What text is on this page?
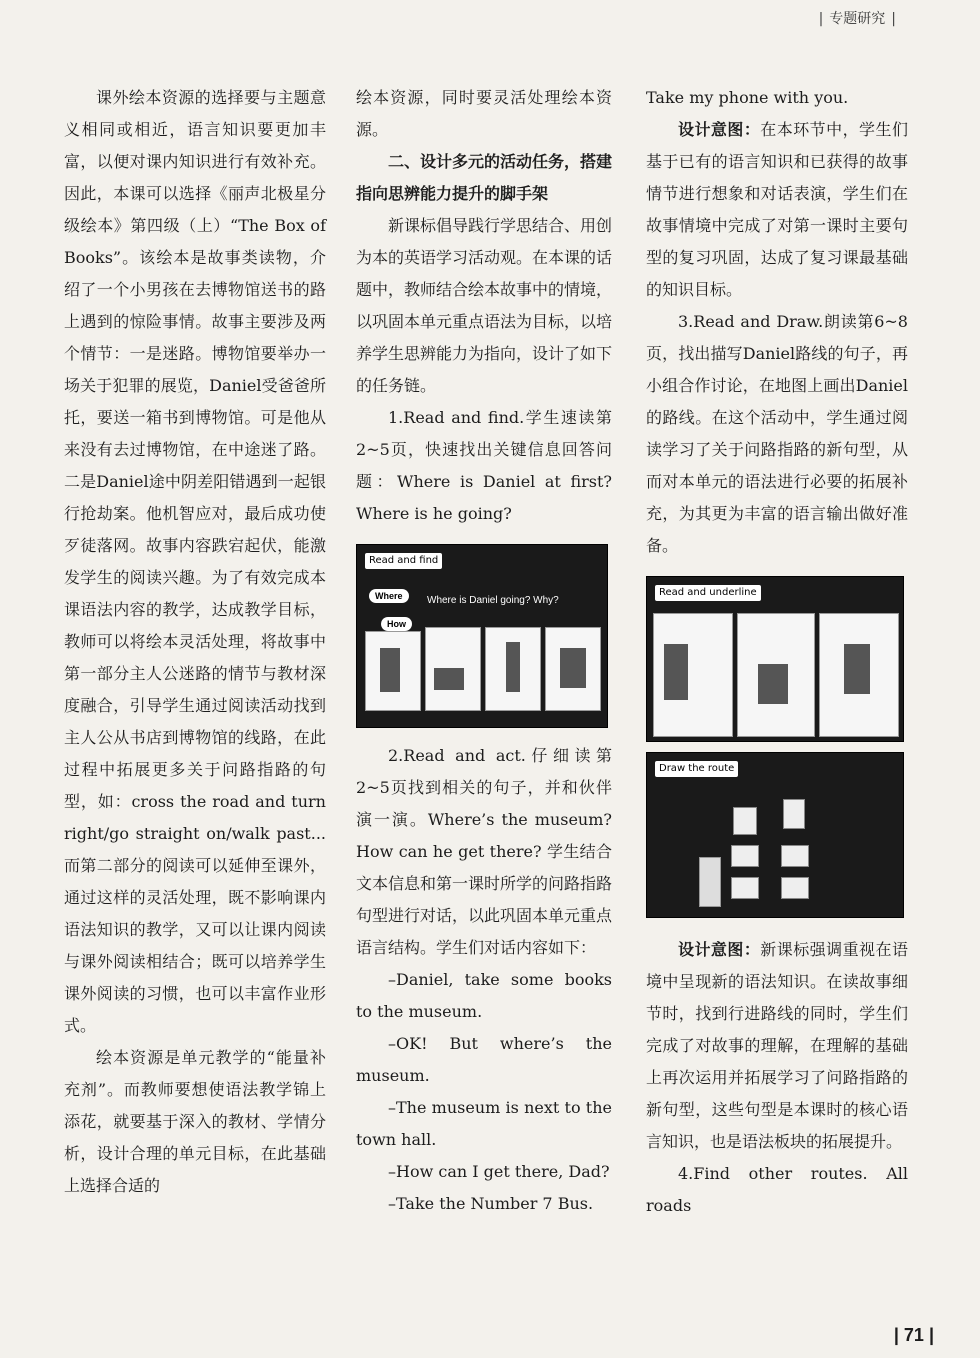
| 专题研究 |

课外绘本资源的选择要与主题意义相同或相近，语言知识要更加丰富，以便对课内知识进行有效补充。因此，本课可以选择《丽声北极星分级绘本》第四级（上）“The Box of Books”。该绘本是故事类读物，介绍了一个小男孩在去博物馆送书的路上遇到的惊险事情。故事主要涉及两个情节：一是迷路。博物馆要举办一场关于犯罪的展览，Daniel受爸爸所托，要送一箱书到博物馆。可是他从来没有去过博物馆，在中途迷了路。二是Daniel途中阴差阳错遇到一起银行抢劫案。他机智应对，最后成功使歹徒落网。故事内容跌宕起伏，能激发学生的阅读兴趣。为了有效完成本课语法内容的教学，达成教学目标，教师可以将绘本灵活处理，将故事中第一部分主人公迷路的情节与教材深度融合，引导学生通过阅读活动找到主人公从书店到博物馆的线路，在此过程中拓展更多关于问路指路的句型，如：cross the road and turn right/go straight on/walk past... 而第二部分的阅读可以延伸至课外，通过这样的灵活处理，既不影响课内语法知识的教学，又可以让课内阅读与课外阅读相结合；既可以培养学生课外阅读的习惯，也可以丰富作业形式。

绘本资源是单元教学的“能量补充剂”。而教师要想使语法教学锦上添花，就要基于深入的教材、学情分析，设计合理的单元目标，在此基础上选择合适的

绘本资源，同时要灵活处理绘本资源。

二、设计多元的活动任务，搭建指向思辨能力提升的脚手架

新课标倡导践行学思结合、用创为本的英语学习活动观。在本课的话题中，教师结合绘本故事中的情境，以巩固本单元重点语法为目标，以培养学生思辨能力为指向，设计了如下的任务链。

1.Read and find.学生速读第2~5页，快速找出关键信息回答问题：Where is Daniel at first? Where is he going?

Read and find
Where
How
Where is Daniel going? Why?

2.Read and act.仔细读第2~5页找到相关的句子，并和伙伴演一演。Where’s the museum? How can he get there? 学生结合文本信息和第一课时所学的问路指路句型进行对话，以此巩固本单元重点语言结构。学生们对话内容如下：

–Daniel, take some books to the museum.

–OK! But where’s the museum.

–The museum is next to the town hall.

–How can I get there, Dad?

–Take the Number 7 Bus.

Take my phone with you.

设计意图：在本环节中，学生们基于已有的语言知识和已获得的故事情节进行想象和对话表演，学生们在故事情境中完成了对第一课时主要句型的复习巩固，达成了复习课最基础的知识目标。

3.Read and Draw.朗读第6~8页，找出描写Daniel路线的句子，再小组合作讨论，在地图上画出Daniel的路线。在这个活动中，学生通过阅读学习了关于问路指路的新句型，从而对本单元的语法进行必要的拓展补充，为其更为丰富的语言输出做好准备。

Read and underline
Draw the route

设计意图：新课标强调重视在语境中呈现新的语法知识。在读故事细节时，找到行进路线的同时，学生们完成了对故事的理解，在理解的基础上再次运用并拓展学习了问路指路的新句型，这些句型是本课时的核心语言知识，也是语法板块的拓展提升。

4.Find other routes. All roads

| 71 |
